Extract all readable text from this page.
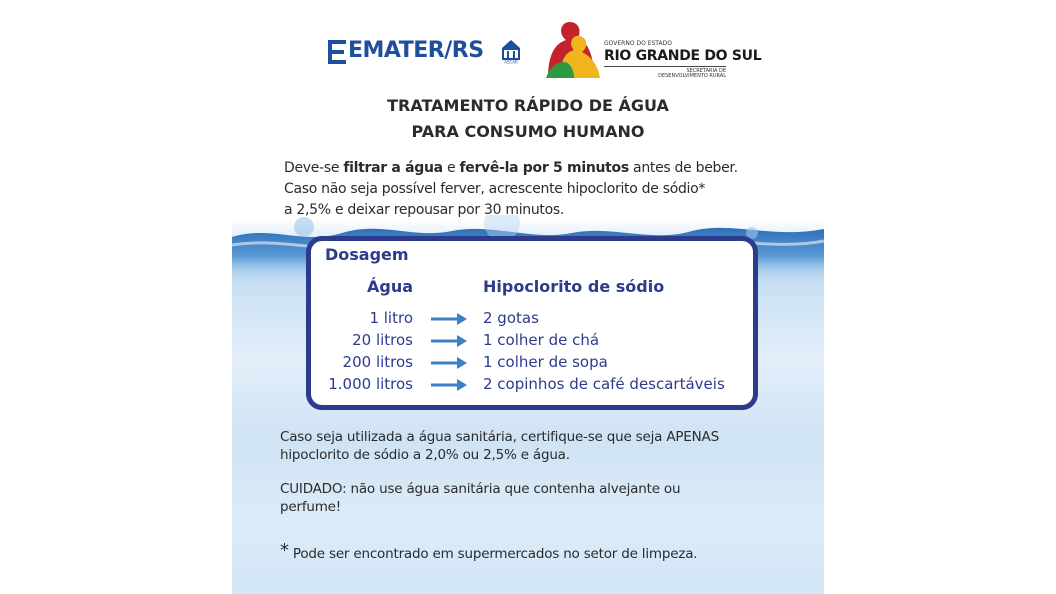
EMATER/RS	ASCAR
GOVERNO DO ESTADO
RIO GRANDE DO SUL
SECRETARIA DE
DESENVOLVIMENTO RURAL
TRATAMENTO RÁPIDO DE ÁGUA
PARA CONSUMO HUMANO
Deve-se filtrar a água e fervê-la por 5 minutos antes de beber.
Caso não seja possível ferver, acrescente hipoclorito de sódio*
a 2,5% e deixar repousar por 30 minutos.
Dosagem
Água	Hipoclorito de sódio
1 litro	2 gotas
20 litros	1 colher de chá
200 litros	1 colher de sopa
1.000 litros	2 copinhos de café descartáveis
Caso seja utilizada a água sanitária, certifique-se que seja APENAS
hipoclorito de sódio a 2,0% ou 2,5% e água.
CUIDADO: não use água sanitária que contenha alvejante ou
perfume!
* Pode ser encontrado em supermercados no setor de limpeza.
